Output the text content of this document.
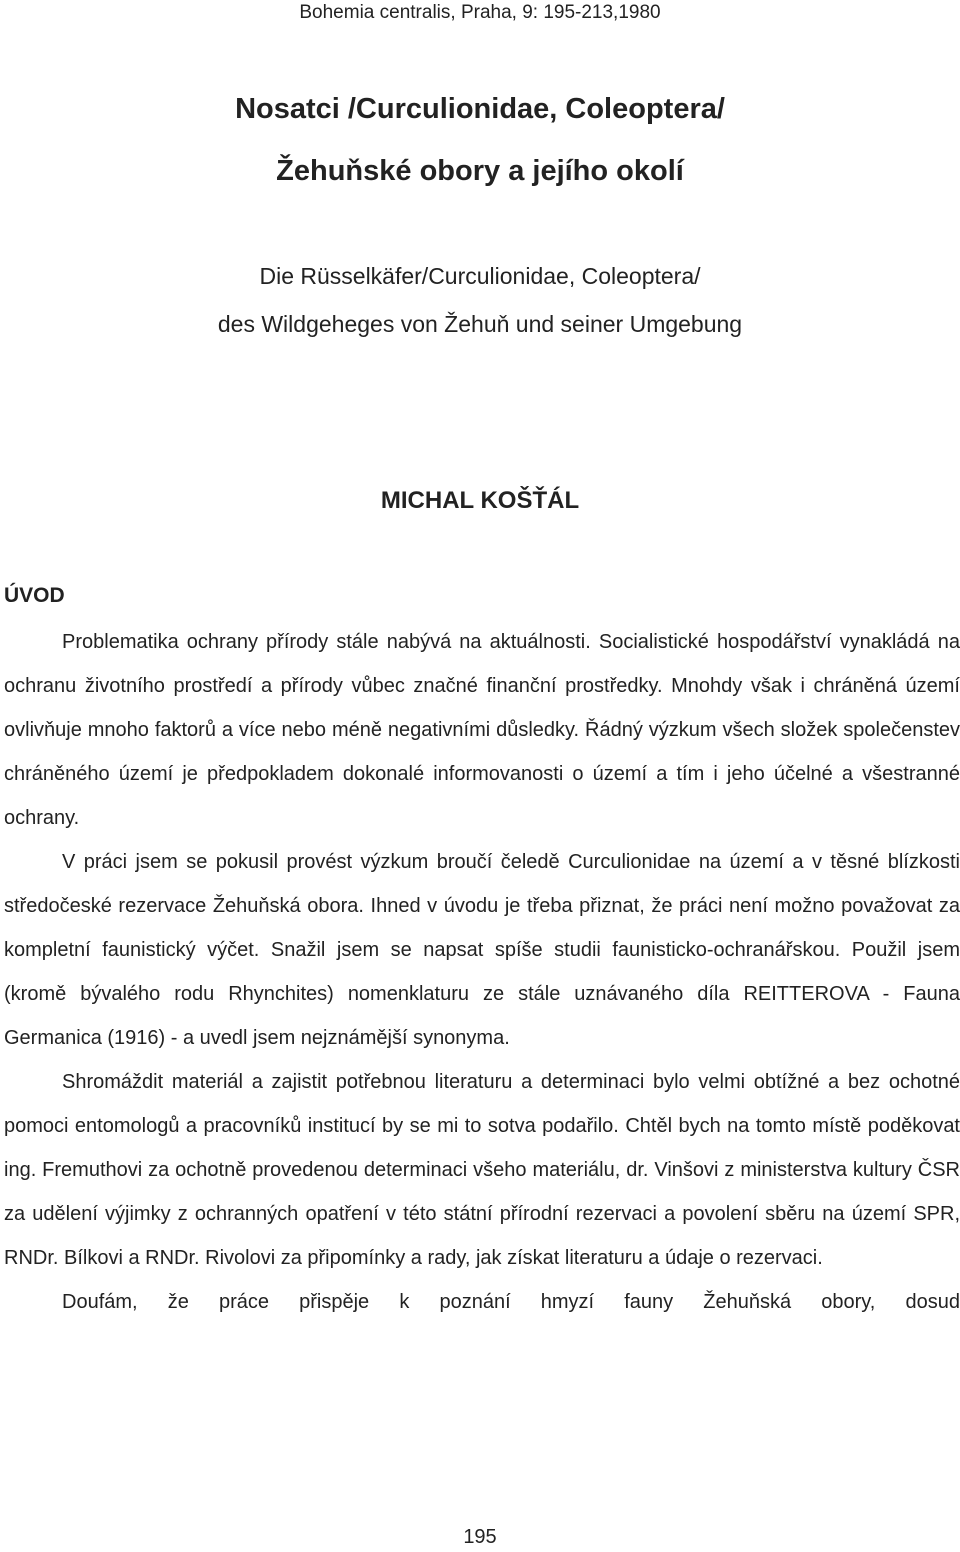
Bohemia centralis, Praha, 9: 195-213,1980
Nosatci /Curculionidae, Coleoptera/
Žehuňské obory a jejího okolí
Die Rüsselkäfer/Curculionidae, Coleoptera/
des Wildgeheges von Žehuň und seiner Umgebung
MICHAL KOŠŤÁL
ÚVOD

Problematika ochrany přírody stále nabývá na aktuálnosti. Socialistické hospodářství vynakládá na ochranu životního prostředí a přírody vůbec značné finanční prostředky. Mnohdy však i chráněná území ovlivňuje mnoho faktorů a více nebo méně negativními důsledky. Řádný výzkum všech složek společenstev chráněného území je předpokladem dokonalé informovanosti o území a tím i jeho účelné a všestranné ochrany.

V práci jsem se pokusil provést výzkum broučí čeledě Curculionidae na území a v těsné blízkosti středočeské rezervace Žehuňská obora. Ihned v úvodu je třeba přiznat, že práci není možno považovat za kompletní faunistický výčet. Snažil jsem se napsat spíše studii faunisticko-ochranářskou. Použil jsem (kromě bývalého rodu Rhynchites) nomenklaturu ze stále uznávaného díla REITTEROVA - Fauna Germanica (1916) - a uvedl jsem nejznámější synonyma.

Shromáždit materiál a zajistit potřebnou literaturu a determinaci bylo velmi obtížné a bez ochotné pomoci entomologů a pracovníků institucí by se mi to sotva podařilo. Chtěl bych na tomto místě poděkovat ing. Fremuthovi za ochotně provedenou determinaci všeho materiálu, dr. Vinšovi z ministerstva kultury ČSR za udělení výjimky z ochranných opatření v této státní přírodní rezervaci a povolení sběru na území SPR, RNDr. Bílkovi a RNDr. Rivolovi za připomínky a rady, jak získat literaturu a údaje o rezervaci.

Doufám, že práce přispěje k poznání hmyzí fauny Žehuňská obory, dosud

195
